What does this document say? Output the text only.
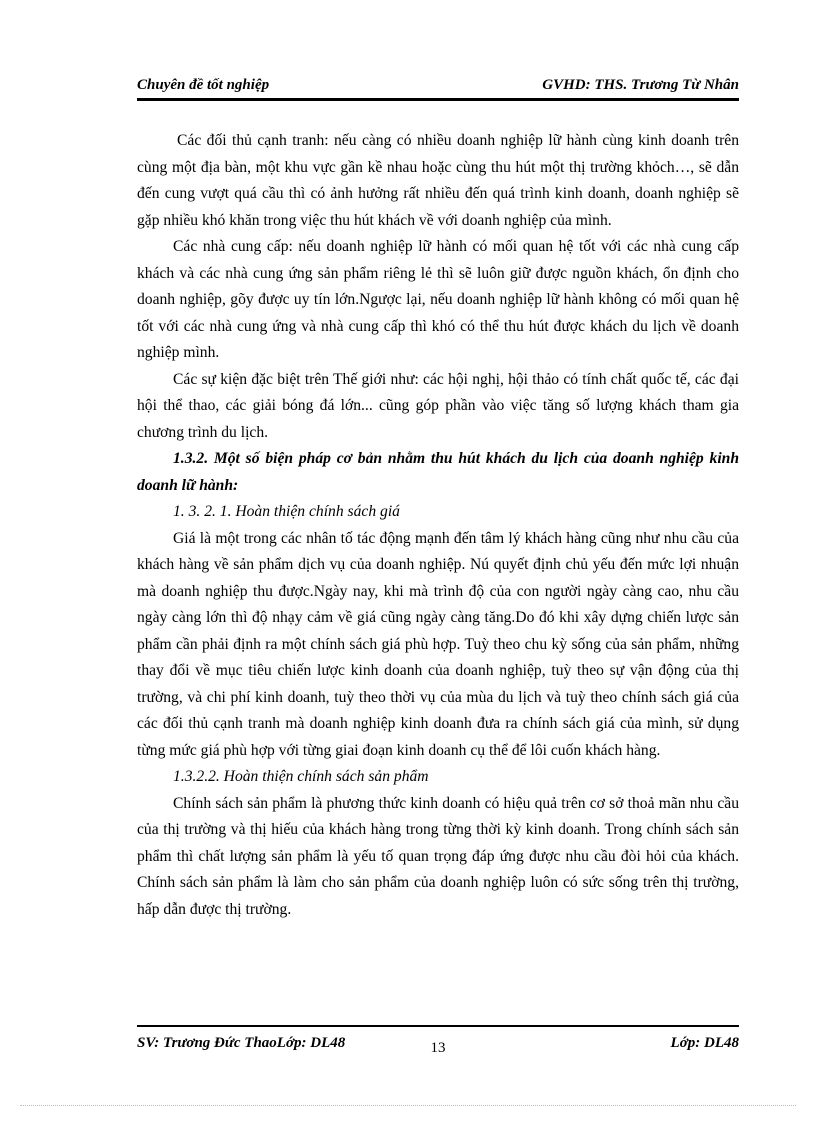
Chuyên đề tốt nghiệp	GVHD: THS. Trương Từ Nhân

Các đối thủ cạnh tranh: nếu càng có nhiều doanh nghiệp lữ hành cùng kinh doanh trên cùng một địa bàn, một khu vực gần kề nhau hoặc cùng thu hút một thị trường khỏch…, sẽ dẫn đến cung vượt quá cầu thì có ảnh hưởng rất nhiều đến quá trình kinh doanh, doanh nghiệp sẽ gặp nhiều khó khăn trong việc thu hút khách về với doanh nghiệp của mình.

Các nhà cung cấp: nếu doanh nghiệp lữ hành có mối quan hệ tốt với các nhà cung cấp khách và các nhà cung ứng sản phẩm riêng lẻ thì sẽ luôn giữ được nguồn khách, ổn định cho doanh nghiệp, gõy được uy tín lớn.Ngược lại, nếu doanh nghiệp lữ hành không có mối quan hệ tốt với các nhà cung ứng và nhà cung cấp thì khó có thể thu hút được khách du lịch về doanh nghiệp mình.

Các sự kiện đặc biệt trên Thế giới như: các hội nghị, hội thảo có tính chất quốc tế, các đại hội thể thao, các giải bóng đá lớn... cũng góp phần vào việc tăng số lượng khách tham gia chương trình du lịch.

1.3.2. Một số biện pháp cơ bản nhằm thu hút khách du lịch của doanh nghiệp kinh doanh lữ hành:

1. 3. 2. 1. Hoàn thiện chính sách giá

Giá là một trong các nhân tố tác động mạnh đến tâm lý khách hàng cũng như nhu cầu của khách hàng về sản phẩm dịch vụ của doanh nghiệp. Nú quyết định chủ yếu đến mức lợi nhuận mà doanh nghiệp thu được.Ngày nay, khi mà trình độ của con người ngày càng cao, nhu cầu ngày càng lớn thì độ nhạy cảm về giá cũng ngày càng tăng.Do đó khi xây dựng chiến lược sản phẩm cần phải định ra một chính sách giá phù hợp. Tuỳ theo chu kỳ sống của sản phẩm, những thay đổi về mục tiêu chiến lược kinh doanh của doanh nghiệp, tuỳ theo sự vận động của thị trường, và chi phí kinh doanh, tuỳ theo thời vụ của mùa du lịch và tuỳ theo chính sách giá của các đối thủ cạnh tranh mà doanh nghiệp kinh doanh đưa ra chính sách giá của mình, sử dụng từng mức giá phù hợp với từng giai đoạn kinh doanh cụ thể để lôi cuốn khách hàng.

1.3.2.2. Hoàn thiện chính sách sản phẩm

Chính sách sản phẩm là phương thức kinh doanh có hiệu quả trên cơ sở thoả mãn nhu cầu của thị trường và thị hiếu của khách hàng trong từng thời kỳ kinh doanh. Trong chính sách sản phẩm thì chất lượng sản phẩm là yếu tố quan trọng đáp ứng được nhu cầu đòi hỏi của khách. Chính sách sản phẩm là làm cho sản phẩm của doanh nghiệp luôn có sức sống trên thị trường, hấp dẫn được thị trường.

SV: Trương Đức ThaoLớp: DL48	13	Lớp: DL48
